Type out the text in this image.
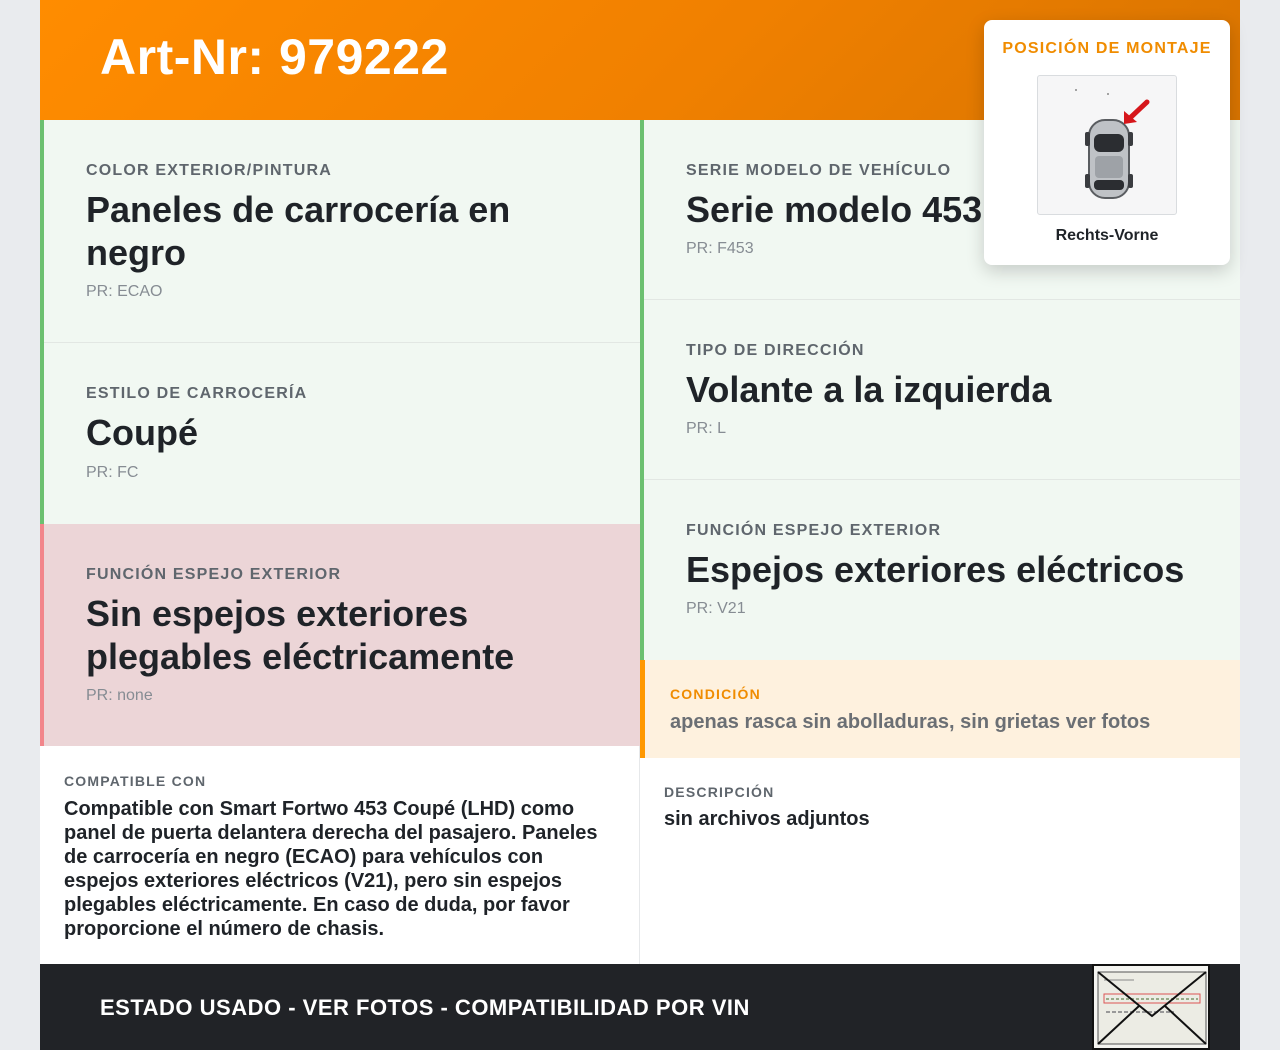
Art-Nr: 979222
COLOR EXTERIOR/PINTURA
Paneles de carrocería en negro
PR: ECAO
ESTILO DE CARROCERÍA
Coupé
PR: FC
FUNCIÓN ESPEJO EXTERIOR
Sin espejos exteriores plegables eléctricamente
PR: none
SERIE MODELO DE VEHÍCULO
Serie modelo 453
PR: F453
TIPO DE DIRECCIÓN
Volante a la izquierda
PR: L
FUNCIÓN ESPEJO EXTERIOR
Espejos exteriores eléctricos
PR: V21
CONDICIÓN
apenas rasca sin abolladuras, sin grietas ver fotos
COMPATIBLE CON
Compatible con Smart Fortwo 453 Coupé (LHD) como panel de puerta delantera derecha del pasajero. Paneles de carrocería en negro (ECAO) para vehículos con espejos exteriores eléctricos (V21), pero sin espejos plegables eléctricamente. En caso de duda, por favor proporcione el número de chasis.
DESCRIPCIÓN
sin archivos adjuntos
ESTADO USADO - VER FOTOS - COMPATIBILIDAD POR VIN
POSICIÓN DE MONTAJE
Rechts-Vorne
